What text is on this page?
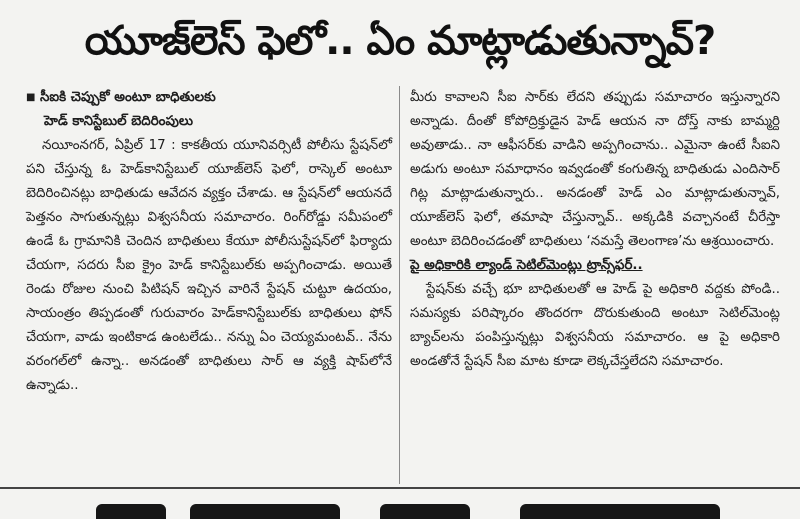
యూజ్‌లెస్‌ ఫెలో.. ఏం మాట్లాడుతున్నావ్‌?
■ సీఐకి చెప్పుకో అంటూ బాధితులకు
హెడ్‌ కానిస్టేబుల్‌ బెదిరింపులు

నయీంనగర్‌, ఏప్రిల్‌ 17 : కాకతీయ యూనివర్సిటీ పోలీసు స్టేషన్‌లో పని చేస్తున్న ఓ హెడ్‌కానిస్టేబుల్‌ యూజ్‌లెస్‌ ఫెలో, రాస్కెల్‌ అంటూ బెదిరించినట్లు బాధితుడు ఆవేదన వ్యక్తం చేశాడు. ఆ స్టేషన్‌లో ఆయనదే పెత్తనం సాగుతున్నట్లు విశ్వసనీయ సమాచారం. రింగ్‌రోడ్డు సమీపంలో ఉండే ఓ గ్రామానికి చెందిన బాధితులు కేయూ పోలీసుస్టేషన్‌లో ఫిర్యాదు చేయగా, సదరు సీఐ క్రైం హెడ్‌ కానిస్టేబుల్‌కు అప్పగించాడు. అయితే రెండు రోజుల నుంచి పిటిషన్‌ ఇచ్చిన వారినే స్టేషన్‌ చుట్టూ ఉదయం, సాయంత్రం తిప్పడంతో గురువారం హెడ్‌కానిస్టేబుల్‌కు బాధితులు ఫోన్‌ చేయగా, వాడు ఇంటికాడ ఉంటలేడు.. నన్ను ఏం చెయ్యమంటవ్‌.. నేను వరంగల్‌లో ఉన్నా.. అనడంతో బాధితులు సార్‌ ఆ వ్యక్తి షాప్‌లోనే ఉన్నాడు..

మీరు కావాలని సీఐ సార్‌కు లేదని తప్పుడు సమాచారం ఇస్తున్నారని అన్నాడు. దీంతో కోపోద్రిక్తుడైన హెడ్‌ ఆయన నా దోస్త్‌ నాకు బామ్మర్ది అవుతాడు.. నా ఆఫీసర్‌కు వాడిని అప్పగించాను.. ఎమైనా ఉంటే సీఐని అడుగు అంటూ సమాధానం ఇవ్వడంతో కంగుతిన్న బాధితుడు ఎందిసార్‌ గిట్ల మాట్లాడుతున్నారు.. అనడంతో హెడ్‌ ఎం మాట్లాడుతున్నావ్‌, యూజ్‌లెస్‌ ఫెలో, తమాషా చేస్తున్నావ్‌.. అక్కడికి వచ్చానంటే చీరేస్తా అంటూ బెదిరించడంతో బాధితులు ‘నమస్తే తెలంగాణ’ను ఆశ్రయించారు.

పై అధికారికి ల్యాండ్‌ సెటిల్‌మెంట్లు ట్రాన్స్‌ఫర్‌..

స్టేషన్‌కు వచ్చే భూ బాధితులతో ఆ హెడ్‌ పై అధికారి వద్దకు పోండి.. సమస్యకు పరిష్కారం తొందరగా దొరుకుతుంది అంటూ సెటిల్‌మెంట్ల బ్యాచ్‌లను పంపిస్తున్నట్లు విశ్వసనీయ సమాచారం. ఆ పై అధికారి అండతోనే స్టేషన్‌ సీఐ మాట కూడా లెక్కచేస్తలేదని సమాచారం.
